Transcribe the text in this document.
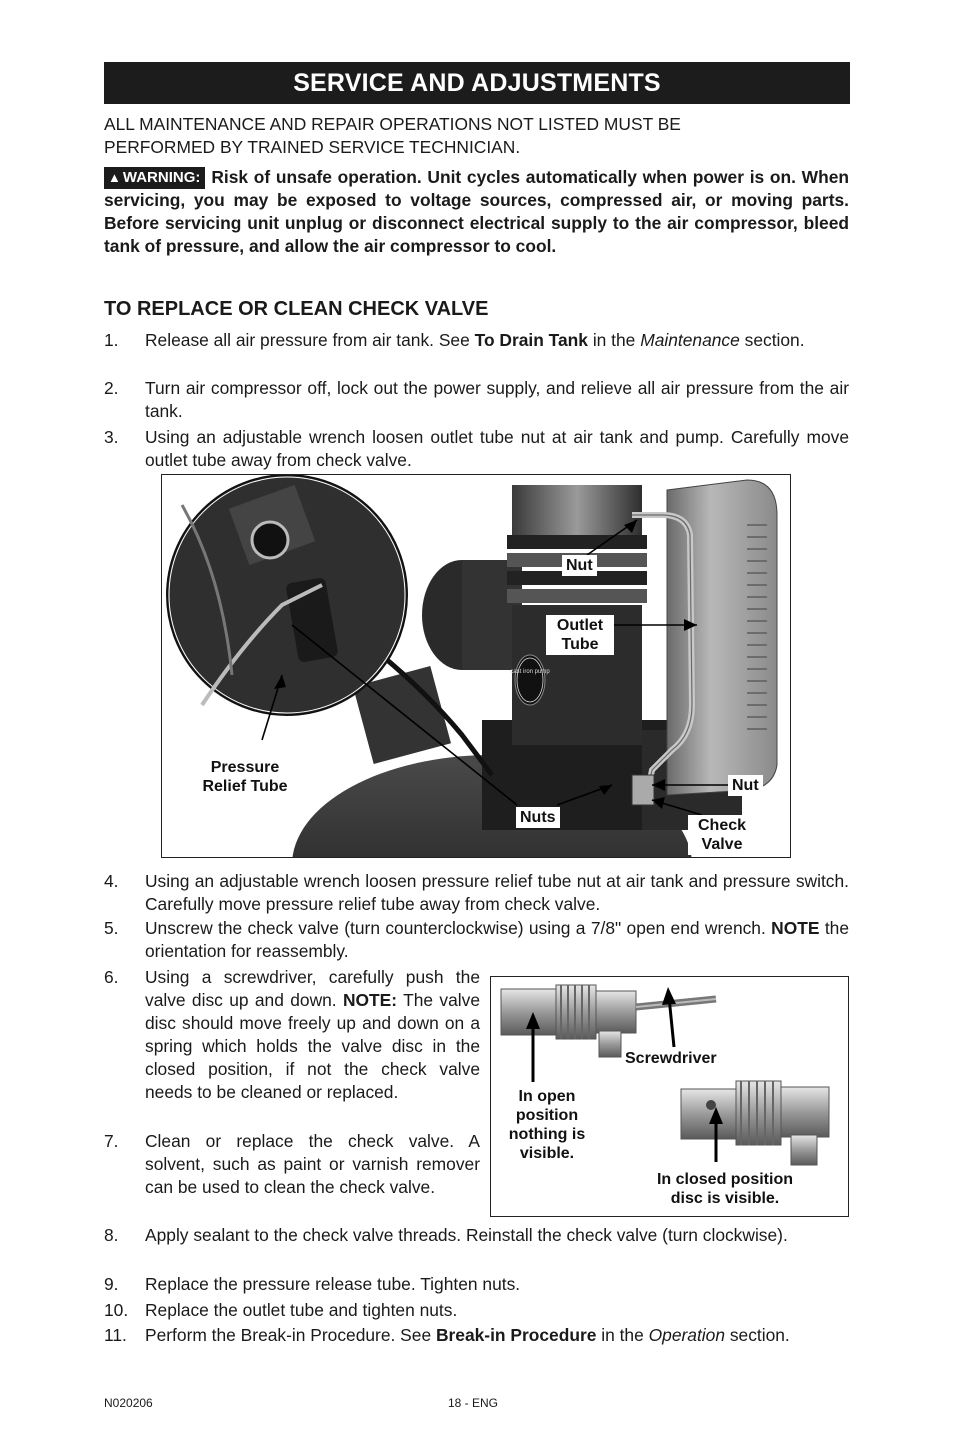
SERVICE AND ADJUSTMENTS
ALL MAINTENANCE AND REPAIR OPERATIONS NOT LISTED MUST BE
PERFORMED BY TRAINED SERVICE TECHNICIAN.
▲ WARNING: Risk of unsafe operation. Unit cycles automatically when power is on. When servicing, you may be exposed to voltage sources, compressed air, or moving parts. Before servicing unit unplug or disconnect electrical supply to the air compressor, bleed tank of pressure, and allow the air compressor to cool.
TO REPLACE OR CLEAN CHECK VALVE
1. Release all air pressure from air tank. See To Drain Tank in the Maintenance section.
2. Turn air compressor off, lock out the power supply, and relieve all air pressure from the air tank.
3. Using an adjustable wrench loosen outlet tube nut at air tank and pump. Carefully move outlet tube away from check valve.
cast iron pump
Nut
Outlet Tube
Pressure Relief Tube
Nuts
Nut
Check Valve
4. Using an adjustable wrench loosen pressure relief tube nut at air tank and pressure switch. Carefully move pressure relief tube away from check valve.
5. Unscrew the check valve (turn counterclockwise) using a 7/8" open end wrench. NOTE the orientation for reassembly.
6. Using a screwdriver, carefully push the valve disc up and down. NOTE: The valve disc should move freely up and down on a spring which holds the valve disc in the closed position, if not the check valve needs to be cleaned or replaced.
7. Clean or replace the check valve. A solvent, such as paint or varnish remover can be used to clean the check valve.
Screwdriver
In open position nothing is visible.
In closed position disc is visible.
8. Apply sealant to the check valve threads. Reinstall the check valve (turn clockwise).
9. Replace the pressure release tube. Tighten nuts.
10. Replace the outlet tube and tighten nuts.
11. Perform the Break-in Procedure. See Break-in Procedure in the Operation section.
N020206	18 - ENG
